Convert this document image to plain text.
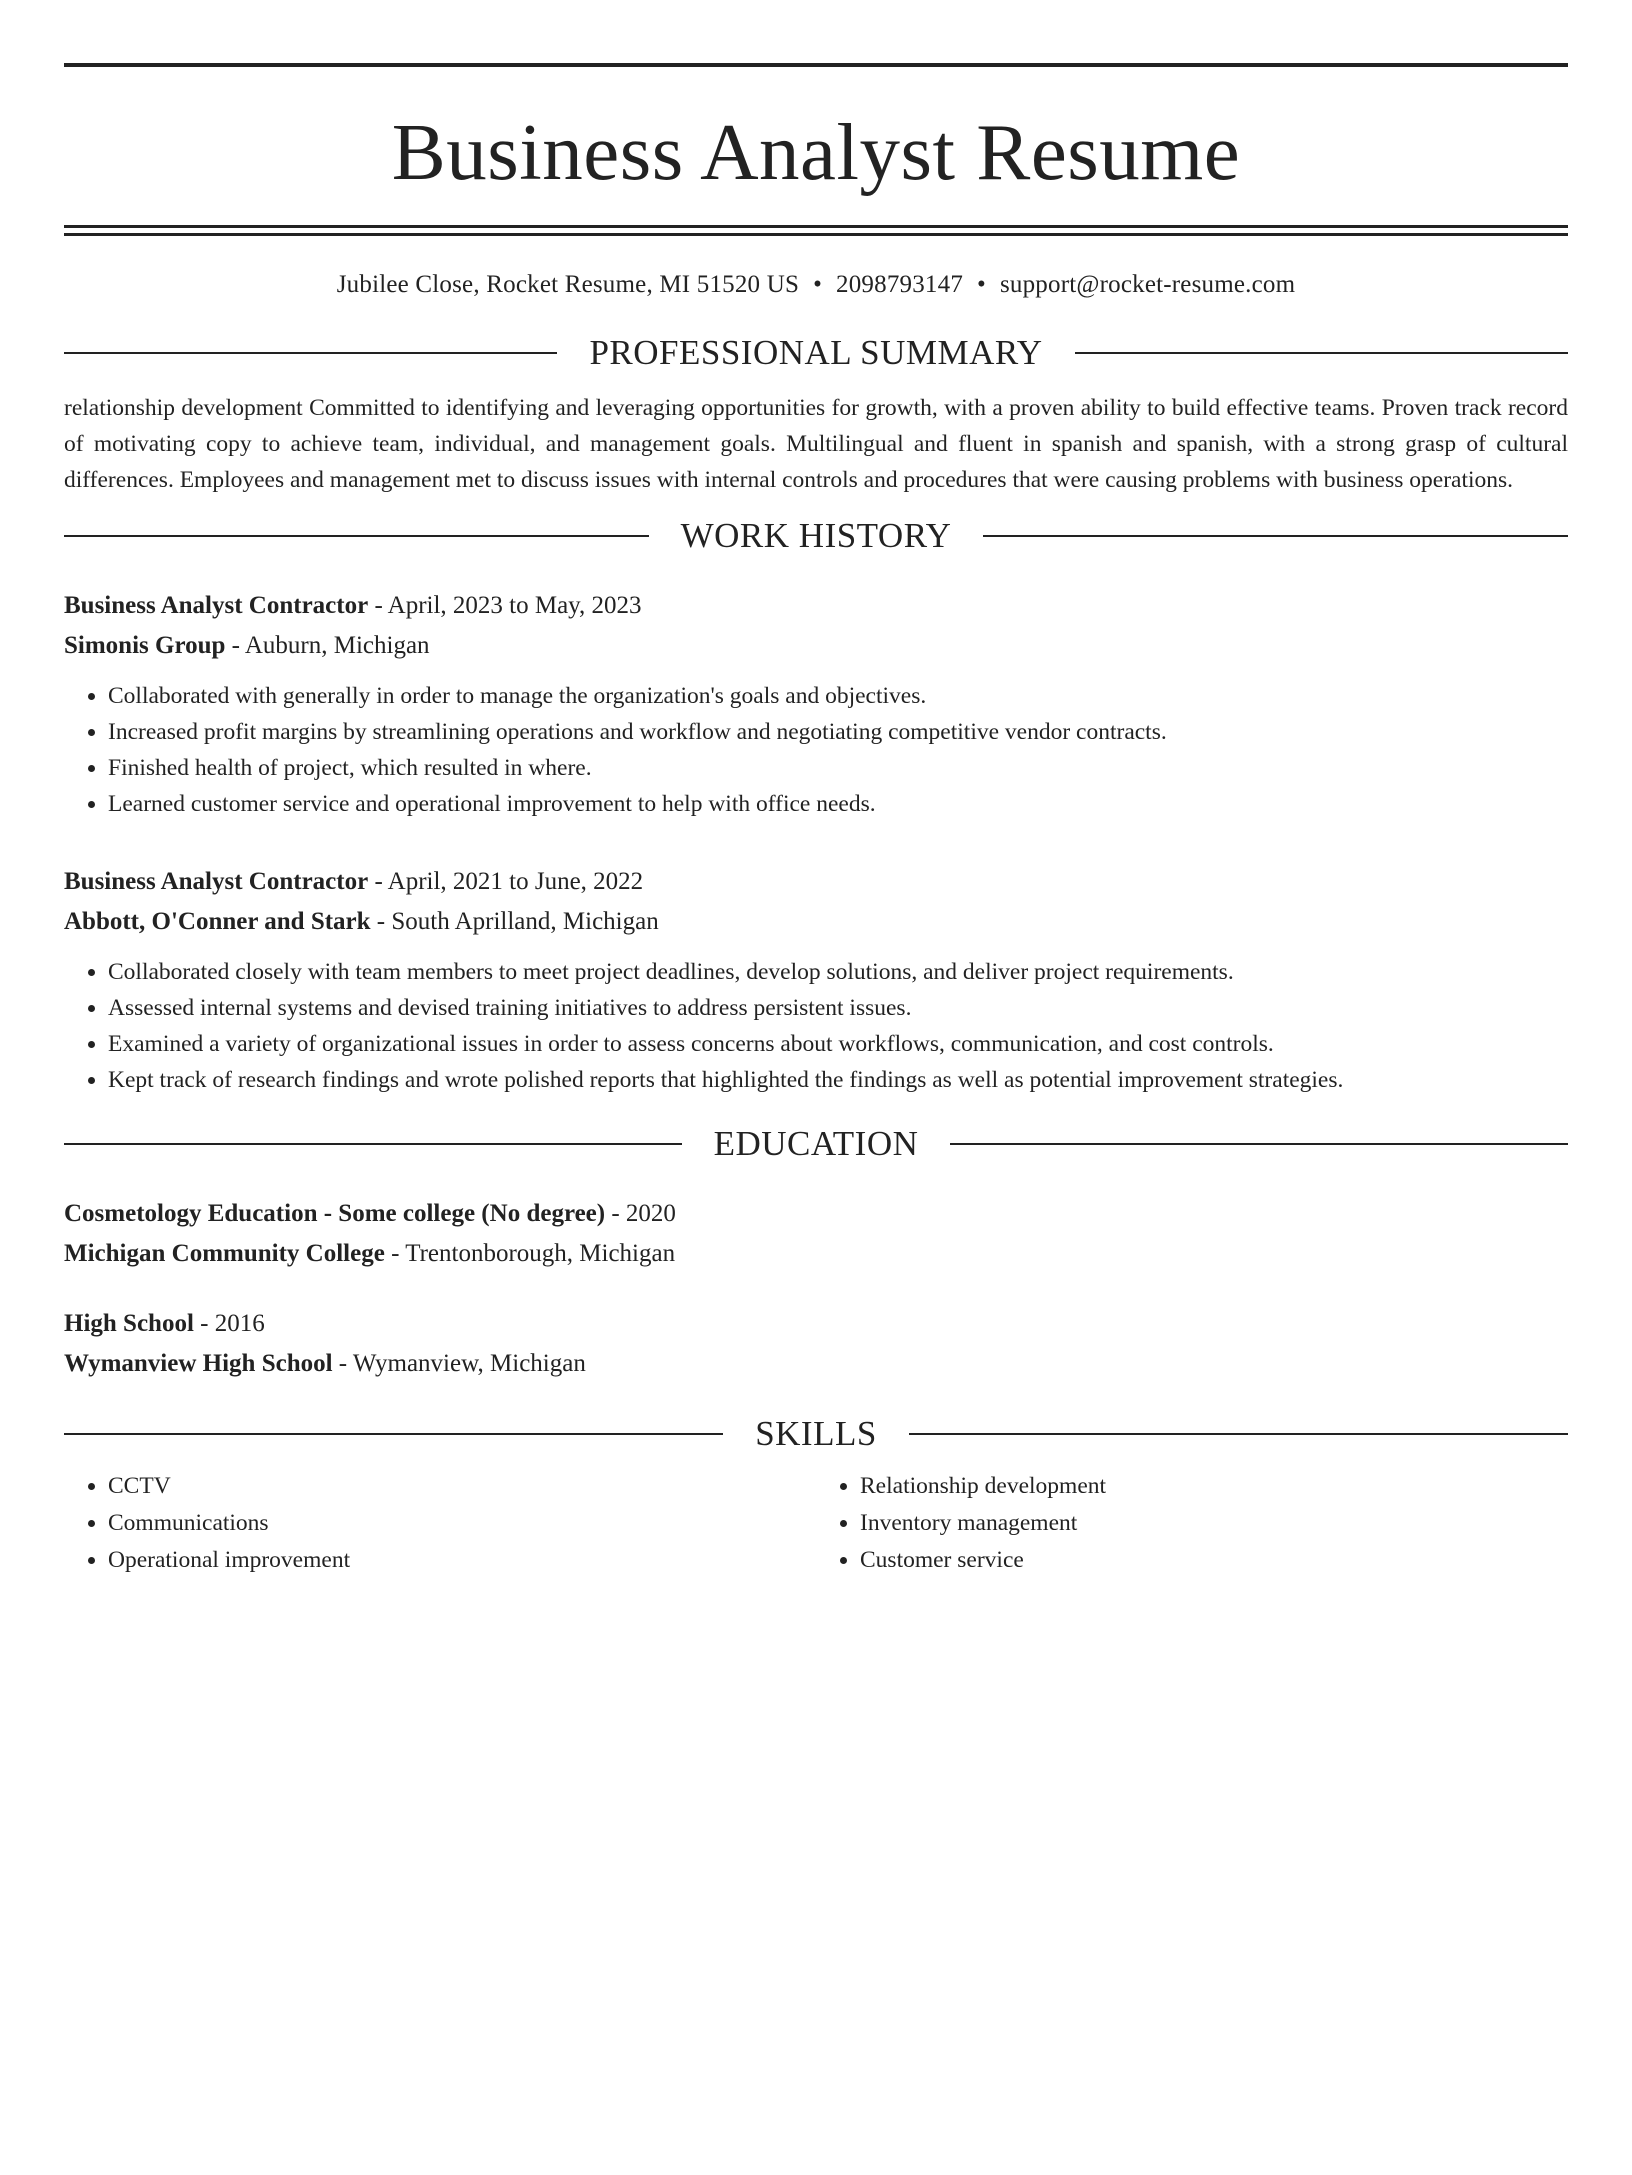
Business Analyst Resume
Jubilee Close, Rocket Resume, MI 51520 US • 2098793147 • support@rocket-resume.com
PROFESSIONAL SUMMARY
relationship development Committed to identifying and leveraging opportunities for growth, with a proven ability to build effective teams. Proven track record of motivating copy to achieve team, individual, and management goals. Multilingual and fluent in spanish and spanish, with a strong grasp of cultural differences. Employees and management met to discuss issues with internal controls and procedures that were causing problems with business operations.
WORK HISTORY
Business Analyst Contractor - April, 2023 to May, 2023
Simonis Group - Auburn, Michigan
• Collaborated with generally in order to manage the organization's goals and objectives.
• Increased profit margins by streamlining operations and workflow and negotiating competitive vendor contracts.
• Finished health of project, which resulted in where.
• Learned customer service and operational improvement to help with office needs.
Business Analyst Contractor - April, 2021 to June, 2022
Abbott, O'Conner and Stark - South Aprilland, Michigan
• Collaborated closely with team members to meet project deadlines, develop solutions, and deliver project requirements.
• Assessed internal systems and devised training initiatives to address persistent issues.
• Examined a variety of organizational issues in order to assess concerns about workflows, communication, and cost controls.
• Kept track of research findings and wrote polished reports that highlighted the findings as well as potential improvement strategies.
EDUCATION
Cosmetology Education - Some college (No degree) - 2020
Michigan Community College - Trentonborough, Michigan
High School - 2016
Wymanview High School - Wymanview, Michigan
SKILLS
• CCTV
• Communications
• Operational improvement
• Relationship development
• Inventory management
• Customer service
